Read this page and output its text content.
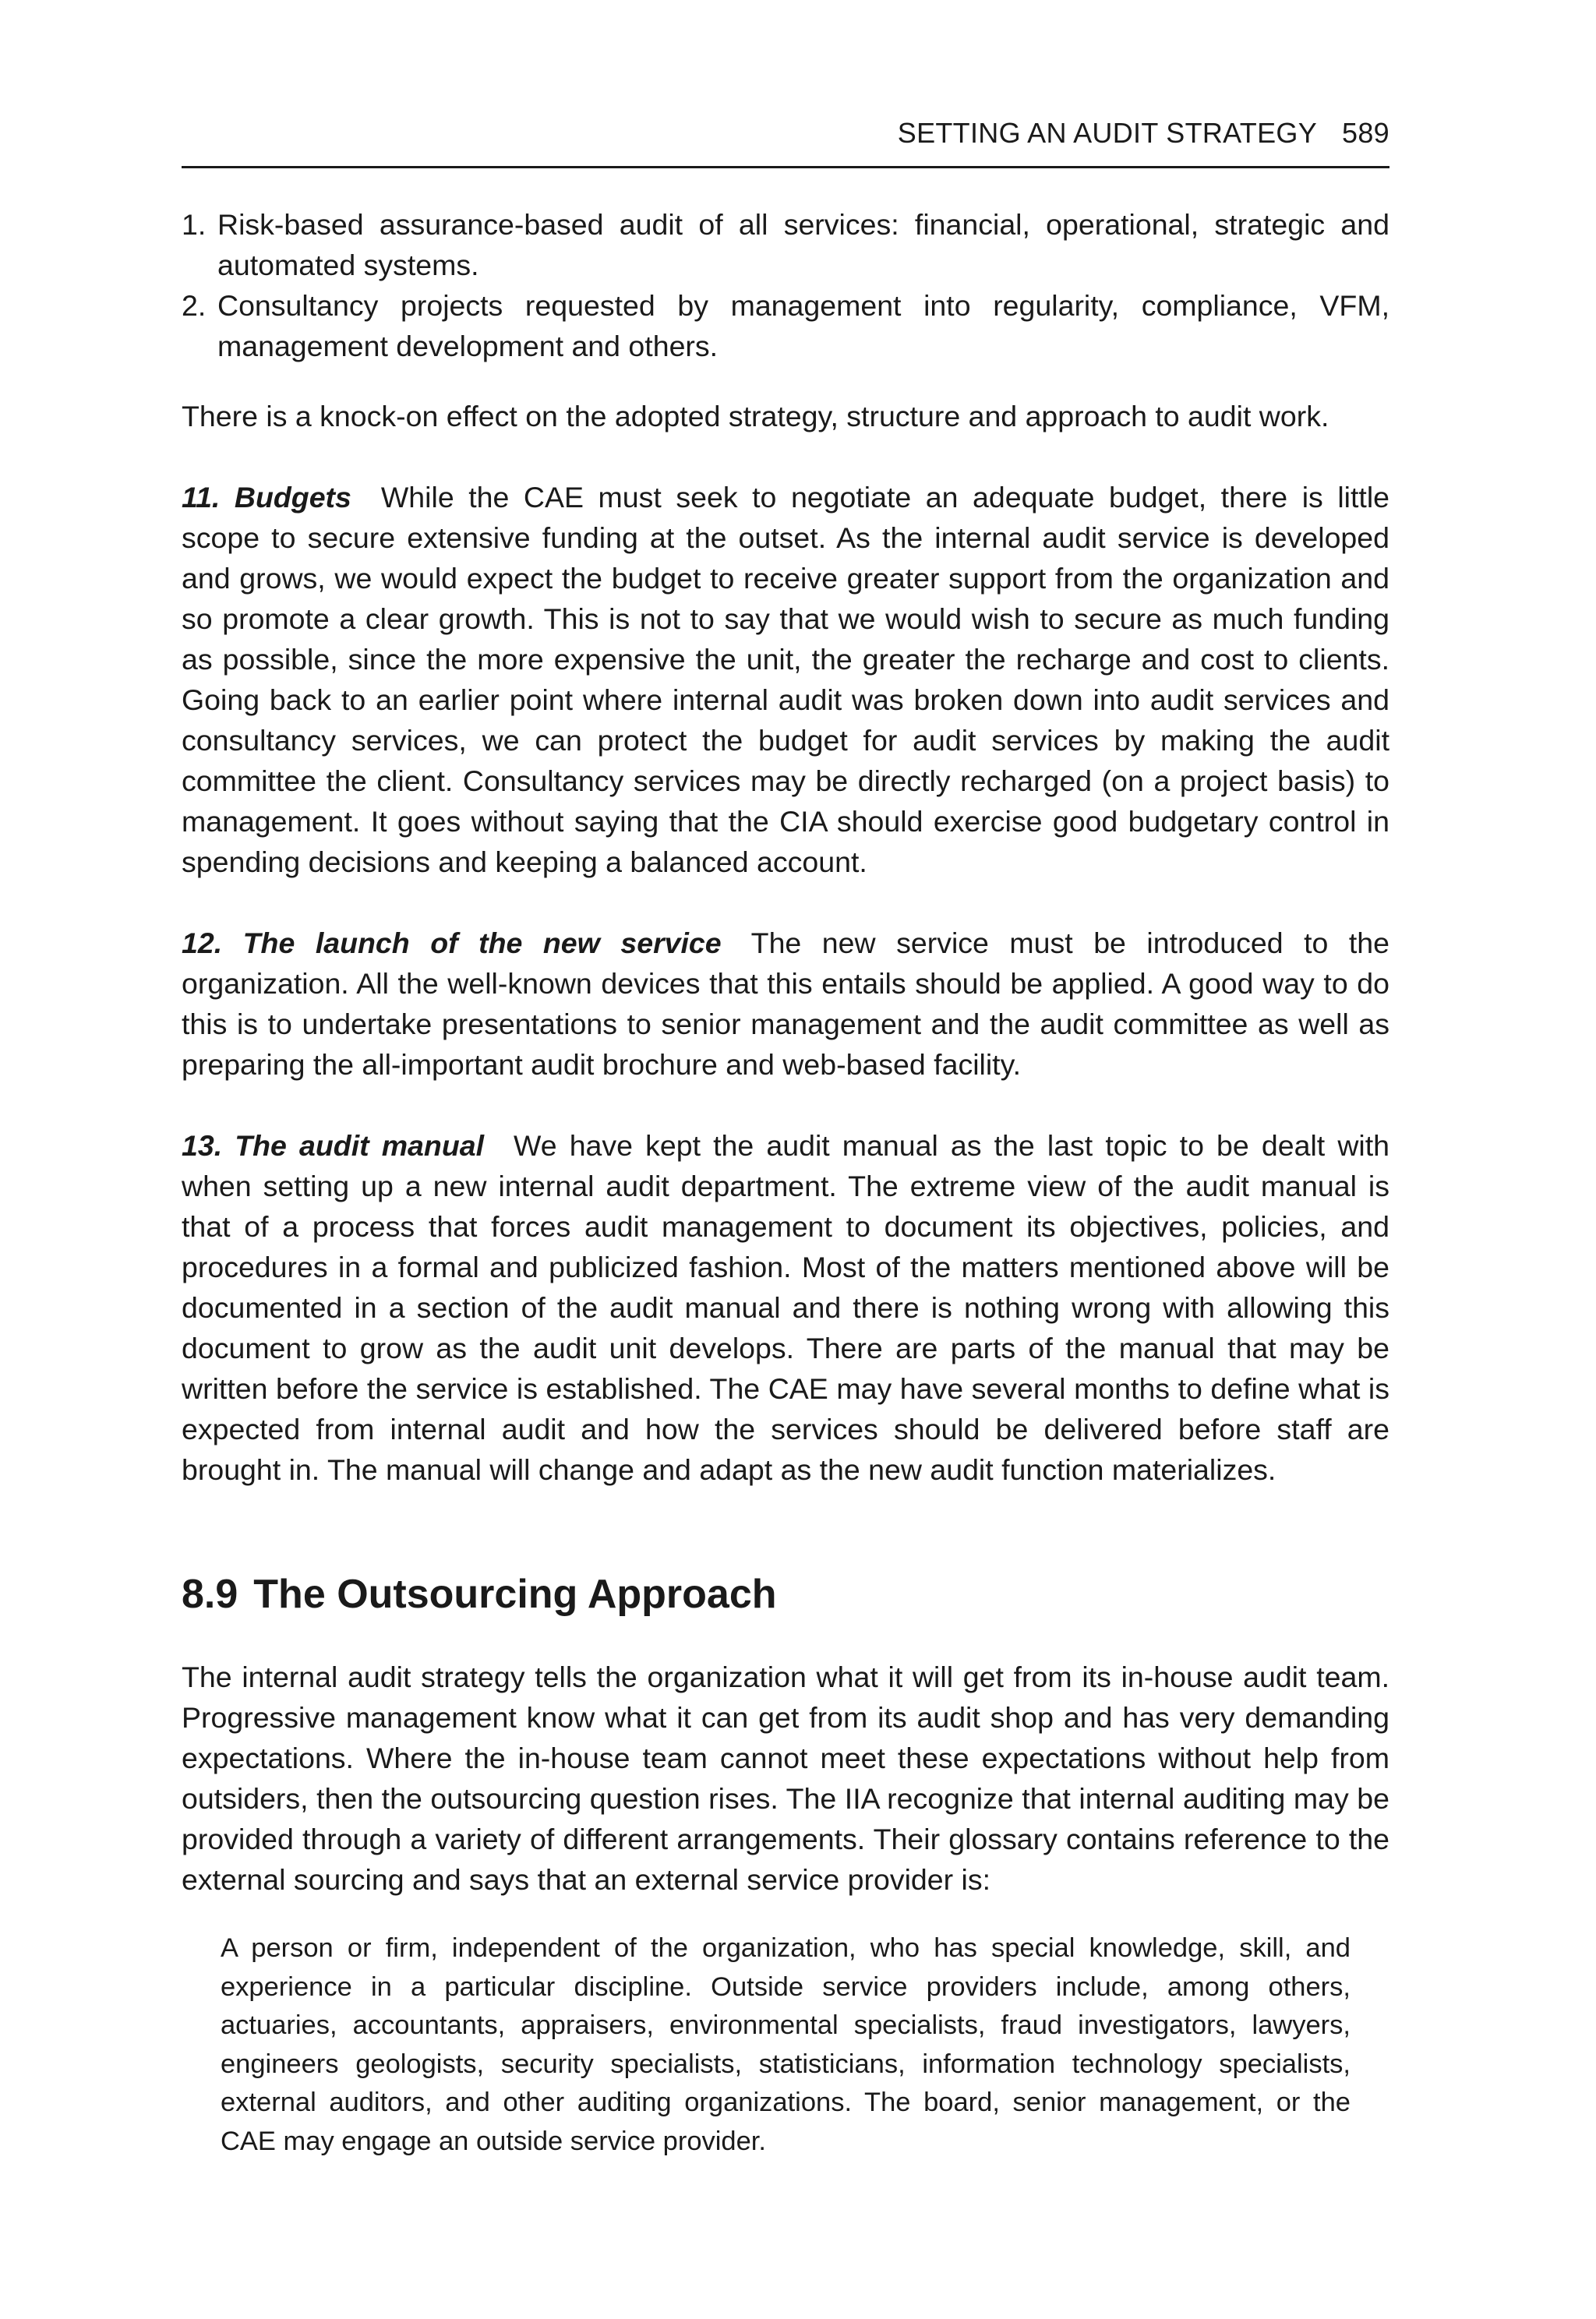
SETTING AN AUDIT STRATEGY 589
1. Risk-based assurance-based audit of all services: financial, operational, strategic and automated systems.
2. Consultancy projects requested by management into regularity, compliance, VFM, management development and others.

There is a knock-on effect on the adopted strategy, structure and approach to audit work.

11. Budgets While the CAE must seek to negotiate an adequate budget, there is little scope to secure extensive funding at the outset. As the internal audit service is developed and grows, we would expect the budget to receive greater support from the organization and so promote a clear growth. This is not to say that we would wish to secure as much funding as possible, since the more expensive the unit, the greater the recharge and cost to clients. Going back to an earlier point where internal audit was broken down into audit services and consultancy services, we can protect the budget for audit services by making the audit committee the client. Consultancy services may be directly recharged (on a project basis) to management. It goes without saying that the CIA should exercise good budgetary control in spending decisions and keeping a balanced account.

12. The launch of the new service The new service must be introduced to the organization. All the well-known devices that this entails should be applied. A good way to do this is to undertake presentations to senior management and the audit committee as well as preparing the all-important audit brochure and web-based facility.

13. The audit manual We have kept the audit manual as the last topic to be dealt with when setting up a new internal audit department. The extreme view of the audit manual is that of a process that forces audit management to document its objectives, policies, and procedures in a formal and publicized fashion. Most of the matters mentioned above will be documented in a section of the audit manual and there is nothing wrong with allowing this document to grow as the audit unit develops. There are parts of the manual that may be written before the service is established. The CAE may have several months to define what is expected from internal audit and how the services should be delivered before staff are brought in. The manual will change and adapt as the new audit function materializes.

8.9 The Outsourcing Approach

The internal audit strategy tells the organization what it will get from its in-house audit team. Progressive management know what it can get from its audit shop and has very demanding expectations. Where the in-house team cannot meet these expectations without help from outsiders, then the outsourcing question rises. The IIA recognize that internal auditing may be provided through a variety of different arrangements. Their glossary contains reference to the external sourcing and says that an external service provider is:

A person or firm, independent of the organization, who has special knowledge, skill, and experience in a particular discipline. Outside service providers include, among others, actuaries, accountants, appraisers, environmental specialists, fraud investigators, lawyers, engineers geologists, security specialists, statisticians, information technology specialists, external auditors, and other auditing organizations. The board, senior management, or the CAE may engage an outside service provider.
